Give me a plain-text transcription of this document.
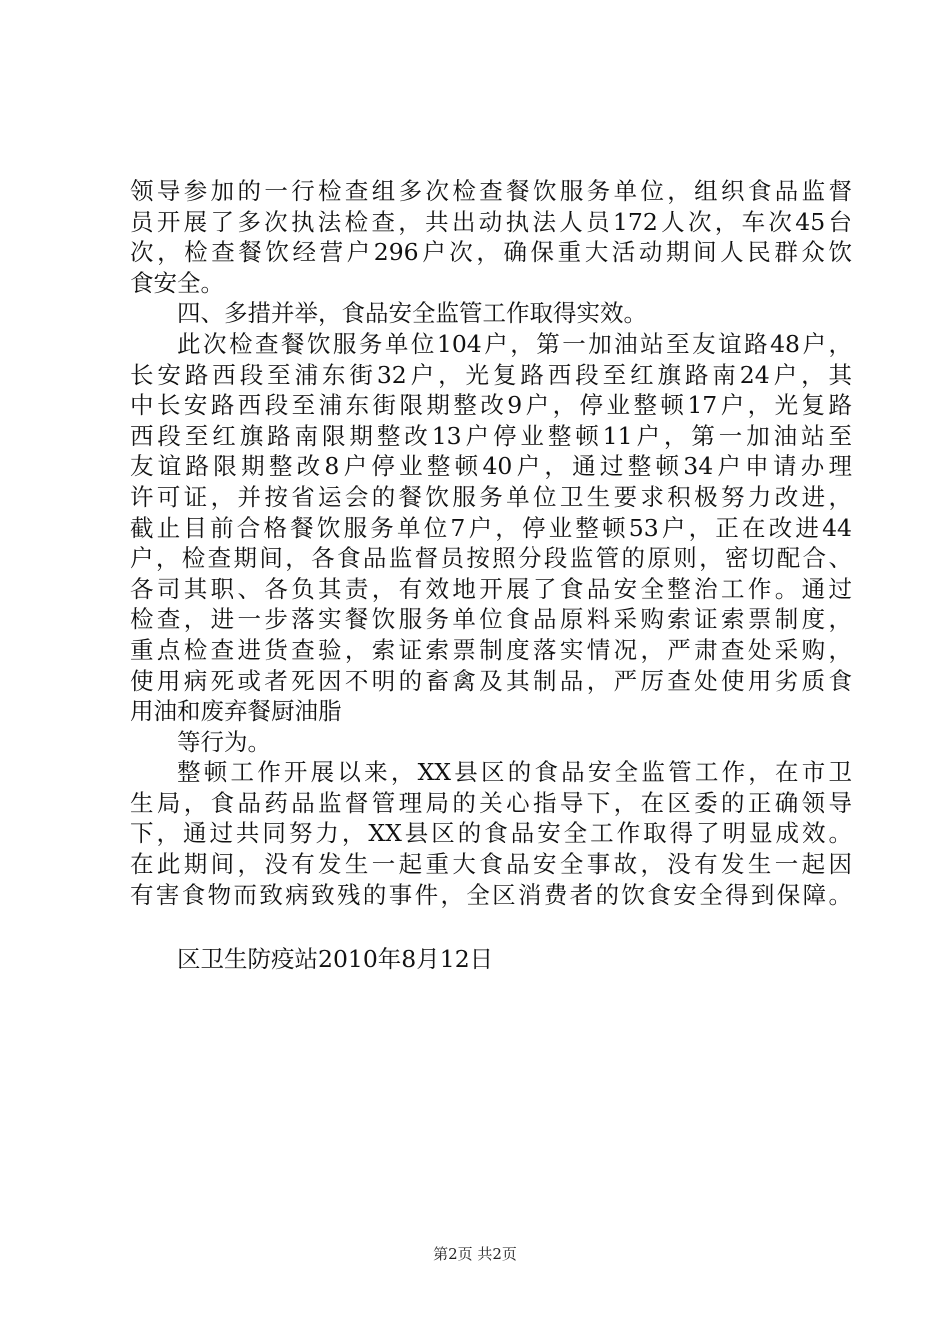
领导参加的一行检查组多次检查餐饮服务单位，组织食品监督
员开展了多次执法检查，共出动执法人员172人次，车次45台
次，检查餐饮经营户296户次，确保重大活动期间人民群众饮
食安全。
四、多措并举，食品安全监管工作取得实效。
此次检查餐饮服务单位104户，第一加油站至友谊路48户，
长安路西段至浦东街32户，光复路西段至红旗路南24户，其
中长安路西段至浦东街限期整改9户，停业整顿17户，光复路
西段至红旗路南限期整改13户停业整顿11户，第一加油站至
友谊路限期整改8户停业整顿40户，通过整顿34户申请办理
许可证，并按省运会的餐饮服务单位卫生要求积极努力改进，
截止目前合格餐饮服务单位7户，停业整顿53户，正在改进44
户，检查期间，各食品监督员按照分段监管的原则，密切配合、
各司其职、各负其责，有效地开展了食品安全整治工作。通过
检查，进一步落实餐饮服务单位食品原料采购索证索票制度，
重点检查进货查验，索证索票制度落实情况，严肃查处采购，
使用病死或者死因不明的畜禽及其制品，严厉查处使用劣质食
用油和废弃餐厨油脂
等行为。
整顿工作开展以来，XX县区的食品安全监管工作，在市卫
生局，食品药品监督管理局的关心指导下，在区委的正确领导
下，通过共同努力，XX县区的食品安全工作取得了明显成效。
在此期间，没有发生一起重大食品安全事故，没有发生一起因
有害食物而致病致残的事件，全区消费者的饮食安全得到保障。
区卫生防疫站2010年8月12日
第2页 共2页
